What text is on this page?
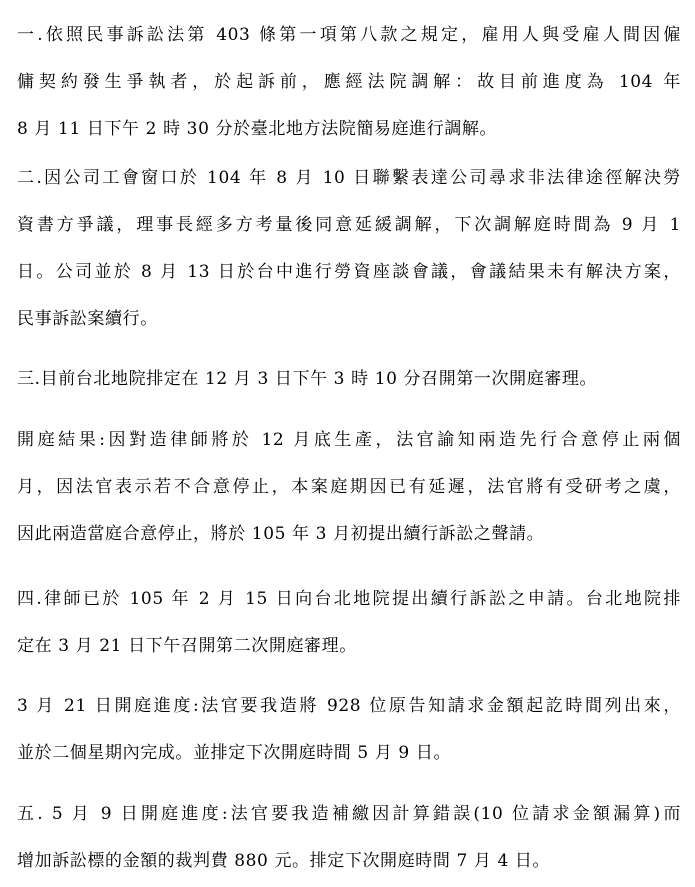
一.依照民事訴訟法第 403 條第一項第八款之規定，雇用人與受雇人間因僱
傭契約發生爭執者，於起訴前，應經法院調解：故目前進度為 104 年
8 月 11 日下午 2 時 30 分於臺北地方法院簡易庭進行調解。
二.因公司工會窗口於 104 年 8 月 10 日聯繫表達公司尋求非法律途徑解決勞
資書方爭議，理事長經多方考量後同意延緩調解，下次調解庭時間為 9 月 1
日。公司並於 8 月 13 日於台中進行勞資座談會議，會議結果未有解決方案，
民事訴訟案續行。
三.目前台北地院排定在 12 月 3 日下午 3 時 10 分召開第一次開庭審理。
開庭結果:因對造律師將於 12 月底生產，法官諭知兩造先行合意停止兩個
月，因法官表示若不合意停止，本案庭期因已有延遲，法官將有受研考之虞，
因此兩造當庭合意停止，將於 105 年 3 月初提出續行訴訟之聲請。
四.律師已於 105 年 2 月 15 日向台北地院提出續行訴訟之申請。台北地院排
定在 3 月 21 日下午召開第二次開庭審理。
3 月 21 日開庭進度:法官要我造將 928 位原告知請求金額起訖時間列出來，
並於二個星期內完成。並排定下次開庭時間 5 月 9 日。
五. 5 月 9 日開庭進度:法官要我造補繳因計算錯誤(10 位請求金額漏算)而
增加訴訟標的金額的裁判費 880 元。排定下次開庭時間 7 月 4 日。
